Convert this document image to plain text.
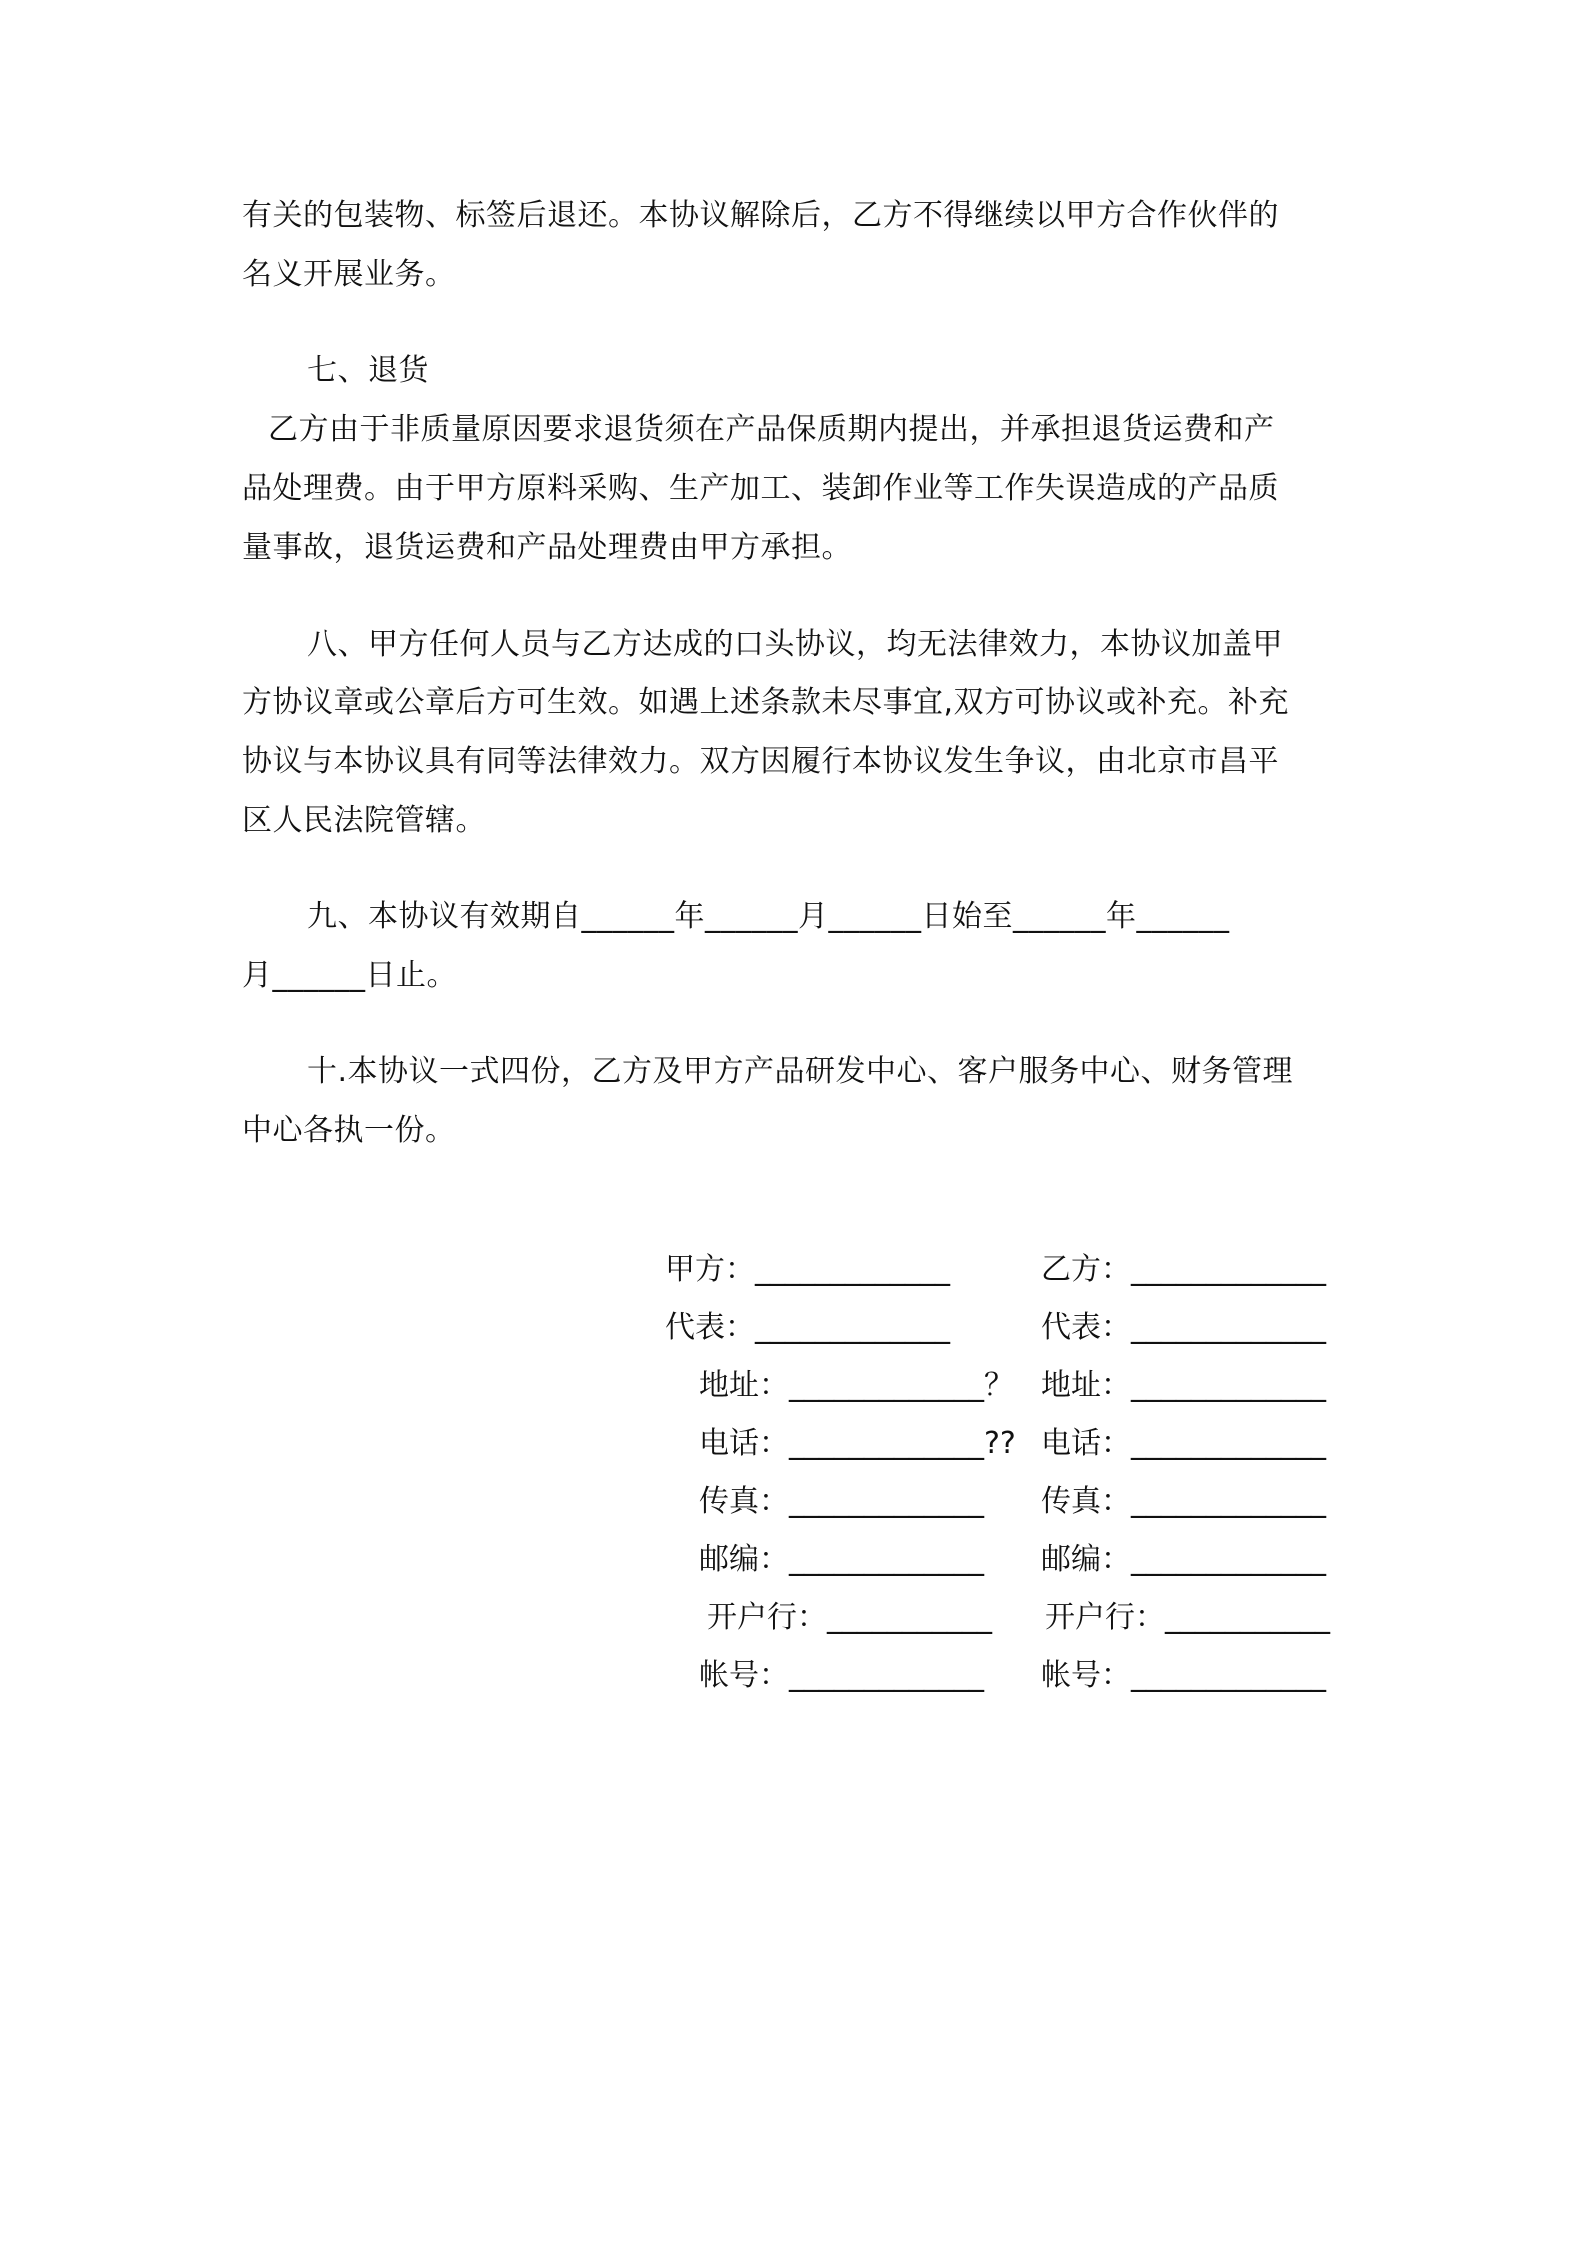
有关的包装物、标签后退还。本协议解除后，乙方不得继续以甲方合作伙伴的
名义开展业务。
七、退货
乙方由于非质量原因要求退货须在产品保质期内提出，并承担退货运费和产
品处理费。由于甲方原料采购、生产加工、装卸作业等工作失误造成的产品质
量事故，退货运费和产品处理费由甲方承担。
八、甲方任何人员与乙方达成的口头协议，均无法律效力，本协议加盖甲
方协议章或公章后方可生效。如遇上述条款未尽事宜,双方可协议或补充。补充
协议与本协议具有同等法律效力。双方因履行本协议发生争议，由北京市昌平
区人民法院管辖。
九、本协议有效期自______年______月______日始至______年______
月______日止。
十.本协议一式四份，乙方及甲方产品研发中心、客户服务中心、财务管理
中心各执一份。
甲方：_____________	乙方：_____________
代表：_____________	代表：_____________
地址：_____________？ 地址：_____________
电话：_____________?? 电话：_____________
传真：_____________ 传真：_____________
邮编：_____________ 邮编：_____________
开户行：___________ 开户行：___________
帐号：_____________ 帐号：_____________
